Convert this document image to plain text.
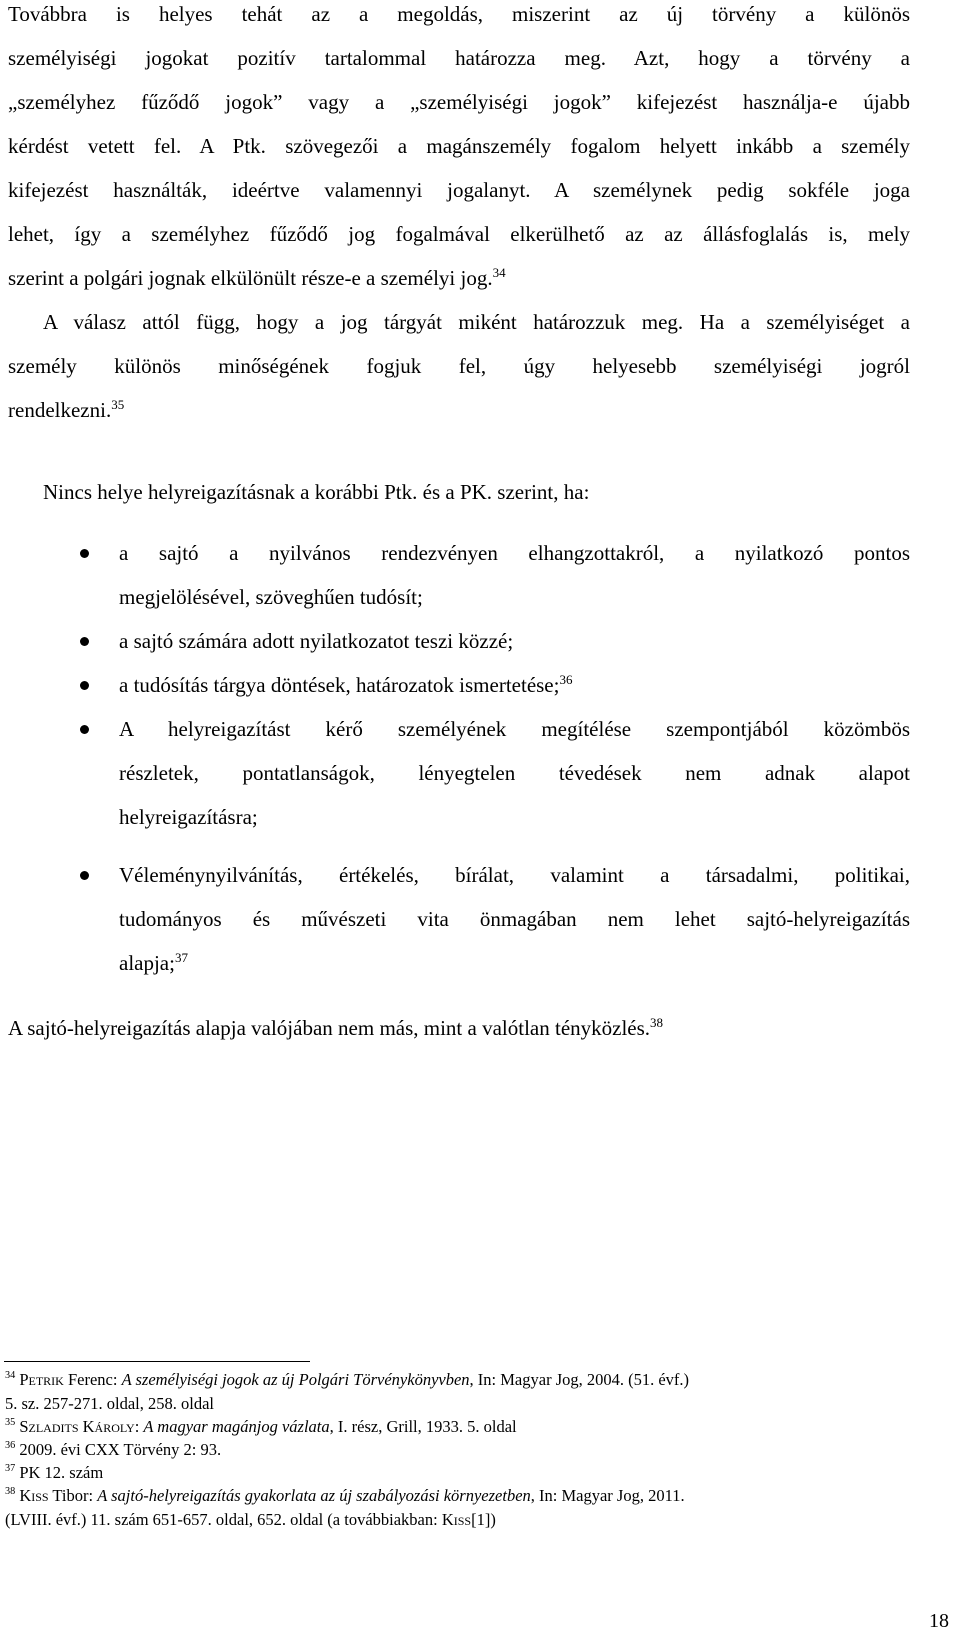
Továbbra is helyes tehát az a megoldás, miszerint az új törvény a különös
személyiségi jogokat pozitív tartalommal határozza meg. Azt, hogy a törvény a
„személyhez fűződő jogok” vagy a „személyiségi jogok” kifejezést használja-e újabb
kérdést vetett fel. A Ptk. szövegezői a magánszemély fogalom helyett inkább a személy
kifejezést használták, ideértve valamennyi jogalanyt. A személynek pedig sokféle joga
lehet, így a személyhez fűződő jog fogalmával elkerülhető az az állásfoglalás is, mely
szerint a polgári jognak elkülönült része-e a személyi jog.$^{34}$
A válasz attól függ, hogy a jog tárgyát miként határozzuk meg. Ha a személyiséget a
személy különös minőségének fogjuk fel, úgy helyesebb személyiségi jogról
rendelkezni.$^{35}$
Nincs helye helyreigazításnak a korábbi Ptk. és a PK. szerint, ha:
a sajtó a nyilvános rendezvényen elhangzottakról, a nyilatkozó pontos
megjelölésével, szöveghűen tudósít;
a sajtó számára adott nyilatkozatot teszi közzé;
a tudósítás tárgya döntések, határozatok ismertetése;$^{36}$
A helyreigazítást kérő személyének megítélése szempontjából közömbös
részletek, pontatlanságok, lényegtelen tévedések nem adnak alapot
helyreigazításra;
Véleménynyilvánítás, értékelés, bírálat, valamint a társadalmi, politikai,
tudományos és művészeti vita önmagában nem lehet sajtó-helyreigazítás
alapja;$^{37}$
A sajtó-helyreigazítás alapja valójában nem más, mint a valótlan tényközlés.$^{38}$
$^{34}$ Petrik Ferenc: A személyiségi jogok az új Polgári Törvénykönyvben, In: Magyar Jog, 2004. (51. évf.)
5. sz. 257-271. oldal, 258. oldal
$^{35}$ Szladits Károly: A magyar magánjog vázlata, I. rész, Grill, 1933. 5. oldal
$^{36}$ 2009. évi CXX Törvény 2: 93.
$^{37}$ PK 12. szám
$^{38}$ Kiss Tibor: A sajtó-helyreigazítás gyakorlata az új szabályozási környezetben, In: Magyar Jog, 2011.
(LVIII. évf.) 11. szám 651-657. oldal, 652. oldal (a továbbiakban: Kiss[1])
18
